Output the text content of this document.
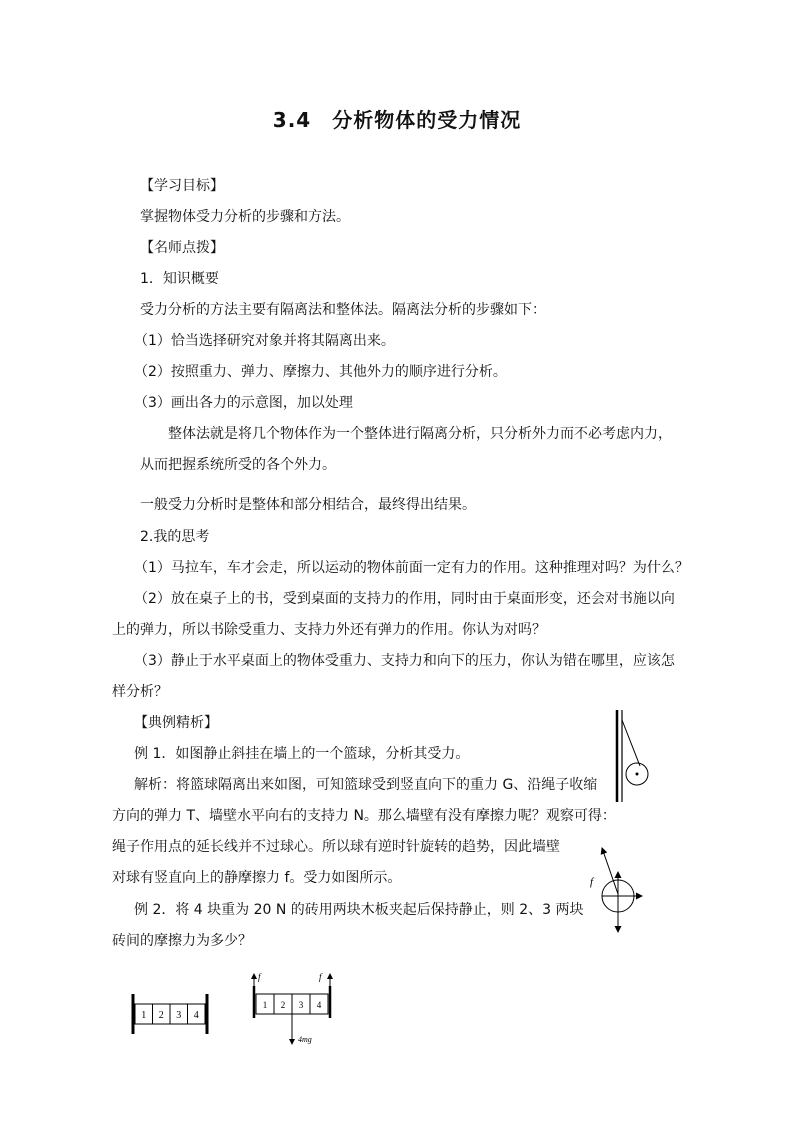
3.4　分析物体的受力情况
【学习目标】
掌握物体受力分析的步骤和方法。
【名师点拨】
1．知识概要
受力分析的方法主要有隔离法和整体法。隔离法分析的步骤如下：
（1）恰当选择研究对象并将其隔离出来。
（2）按照重力、弹力、摩擦力、其他外力的顺序进行分析。
（3）画出各力的示意图，加以处理
整体法就是将几个物体作为一个整体进行隔离分析，只分析外力而不必考虑内力，
从而把握系统所受的各个外力。
一般受力分析时是整体和部分相结合，最终得出结果。
2.我的思考
（1）马拉车，车才会走，所以运动的物体前面一定有力的作用。这种推理对吗？为什么？
（2）放在桌子上的书，受到桌面的支持力的作用，同时由于桌面形变，还会对书施以向
上的弹力，所以书除受重力、支持力外还有弹力的作用。你认为对吗？
（3）静止于水平桌面上的物体受重力、支持力和向下的压力，你认为错在哪里，应该怎
样分析？
【典例精析】
例 1．如图静止斜挂在墙上的一个篮球，分析其受力。
解析：将篮球隔离出来如图，可知篮球受到竖直向下的重力 G、沿绳子收缩
方向的弹力 T、墙壁水平向右的支持力 N。那么墙壁有没有摩擦力呢？观察可得：
绳子作用点的延长线并不过球心。所以球有逆时针旋转的趋势，因此墙壁
对球有竖直向上的静摩擦力 f。受力如图所示。
例 2．将 4 块重为 20 N 的砖用两块木板夹起后保持静止，则 2、3 两块
砖间的摩擦力为多少？
f
1 2 3 4
f	f
1 2 3 4
4mg
